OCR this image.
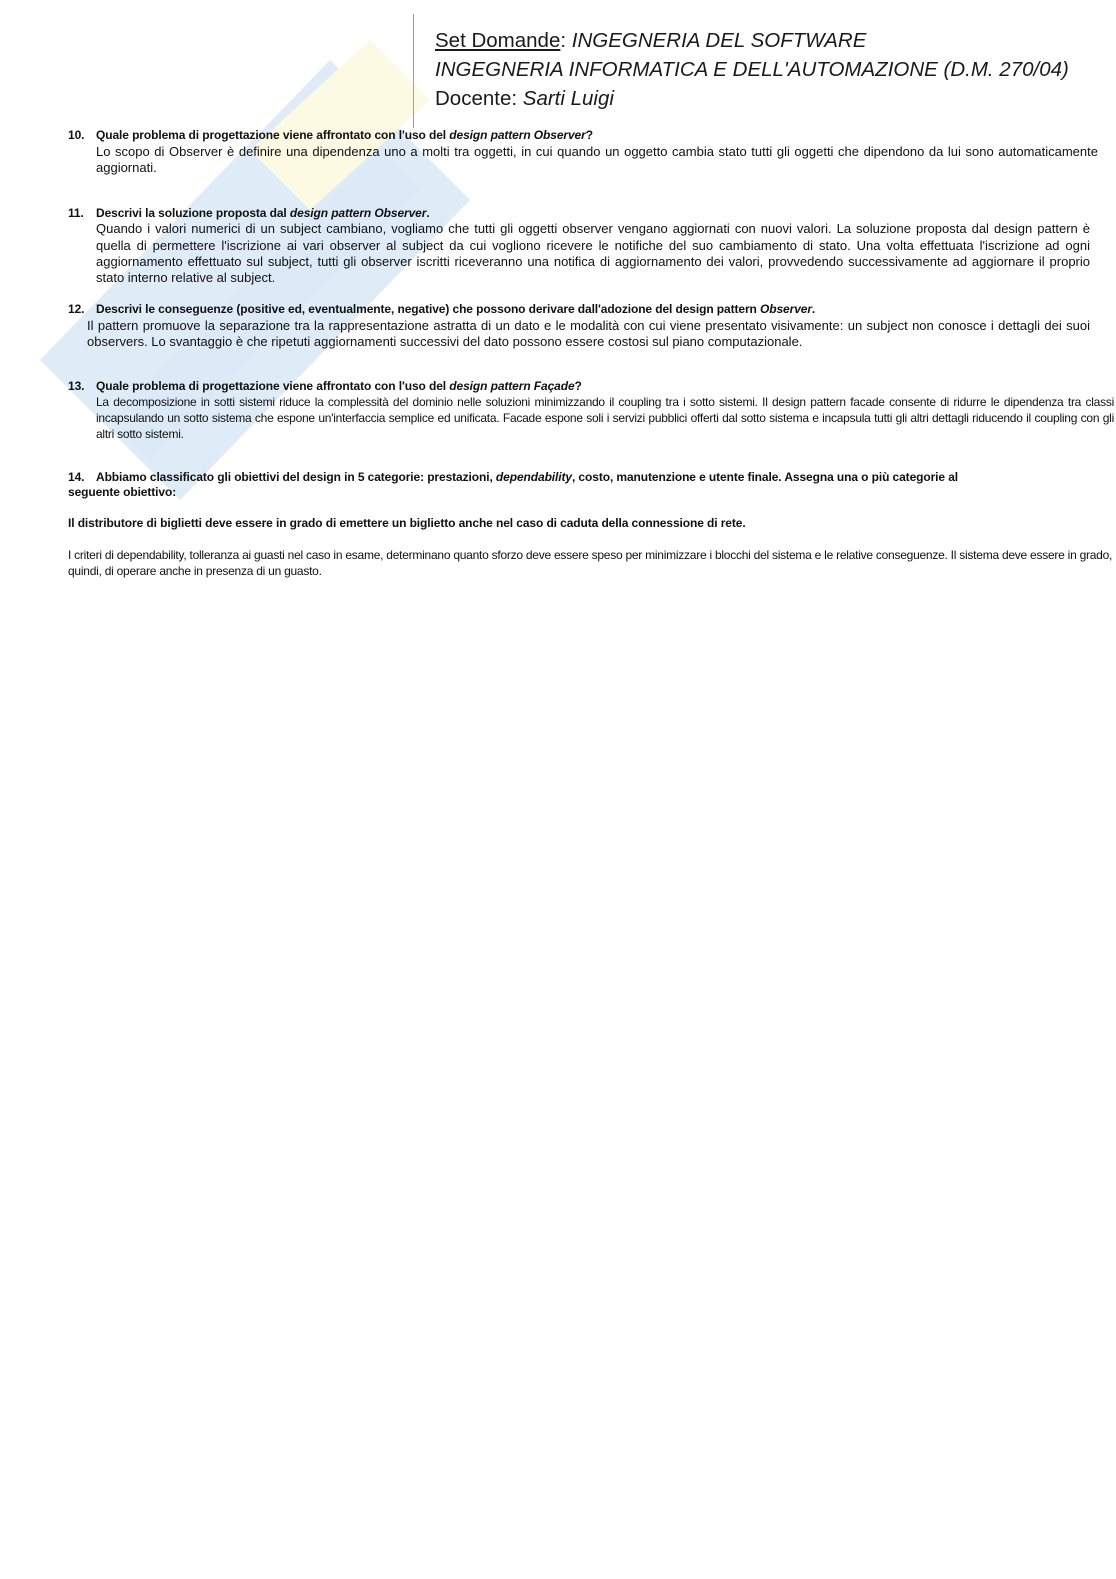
Set Domande: INGEGNERIA DEL SOFTWARE
INGEGNERIA INFORMATICA E DELL'AUTOMAZIONE (D.M. 270/04)
Docente: Sarti Luigi
10. Quale problema di progettazione viene affrontato con l'uso del design pattern Observer?
Lo scopo di Observer è definire una dipendenza uno a molti tra oggetti, in cui quando un oggetto cambia stato tutti gli oggetti che dipendono da lui sono automaticamente aggiornati.
11. Descrivi la soluzione proposta dal design pattern Observer.
Quando i valori numerici di un subject cambiano, vogliamo che tutti gli oggetti observer vengano aggiornati con nuovi valori. La soluzione proposta dal design pattern è quella di permettere l'iscrizione ai vari observer al subject da cui vogliono ricevere le notifiche del suo cambiamento di stato. Una volta effettuata l'iscrizione ad ogni aggiornamento effettuato sul subject, tutti gli observer iscritti riceveranno una notifica di aggiornamento dei valori, provvedendo successivamente ad aggiornare il proprio stato interno relative al subject.
12. Descrivi le conseguenze (positive ed, eventualmente, negative) che possono derivare dall'adozione del design pattern Observer.
Il pattern promuove la separazione tra la rappresentazione astratta di un dato e le modalità con cui viene presentato visivamente: un subject non conosce i dettagli dei suoi observers. Lo svantaggio è che ripetuti aggiornamenti successivi del dato possono essere costosi sul piano computazionale.
13. Quale problema di progettazione viene affrontato con l'uso del design pattern Façade?
La decomposizione in sotti sistemi riduce la complessità del dominio nelle soluzioni minimizzando il coupling tra i sotto sistemi. Il design pattern facade consente di ridurre le dipendenza tra classi incapsulando un sotto sistema che espone un'interfaccia semplice ed unificata. Facade espone soli i servizi pubblici offerti dal sotto sistema e incapsula tutti gli altri dettagli riducendo il coupling con gli altri sotto sistemi.
14. Abbiamo classificato gli obiettivi del design in 5 categorie: prestazioni, dependability, costo, manutenzione e utente finale. Assegna una o più categorie al seguente obiettivo:
Il distributore di biglietti deve essere in grado di emettere un biglietto anche nel caso di caduta della connessione di rete.
I criteri di dependability, tolleranza ai guasti nel caso in esame, determinano quanto sforzo deve essere speso per minimizzare i blocchi del sistema e le relative conseguenze. Il sistema deve essere in grado, quindi, di operare anche in presenza di un guasto.
